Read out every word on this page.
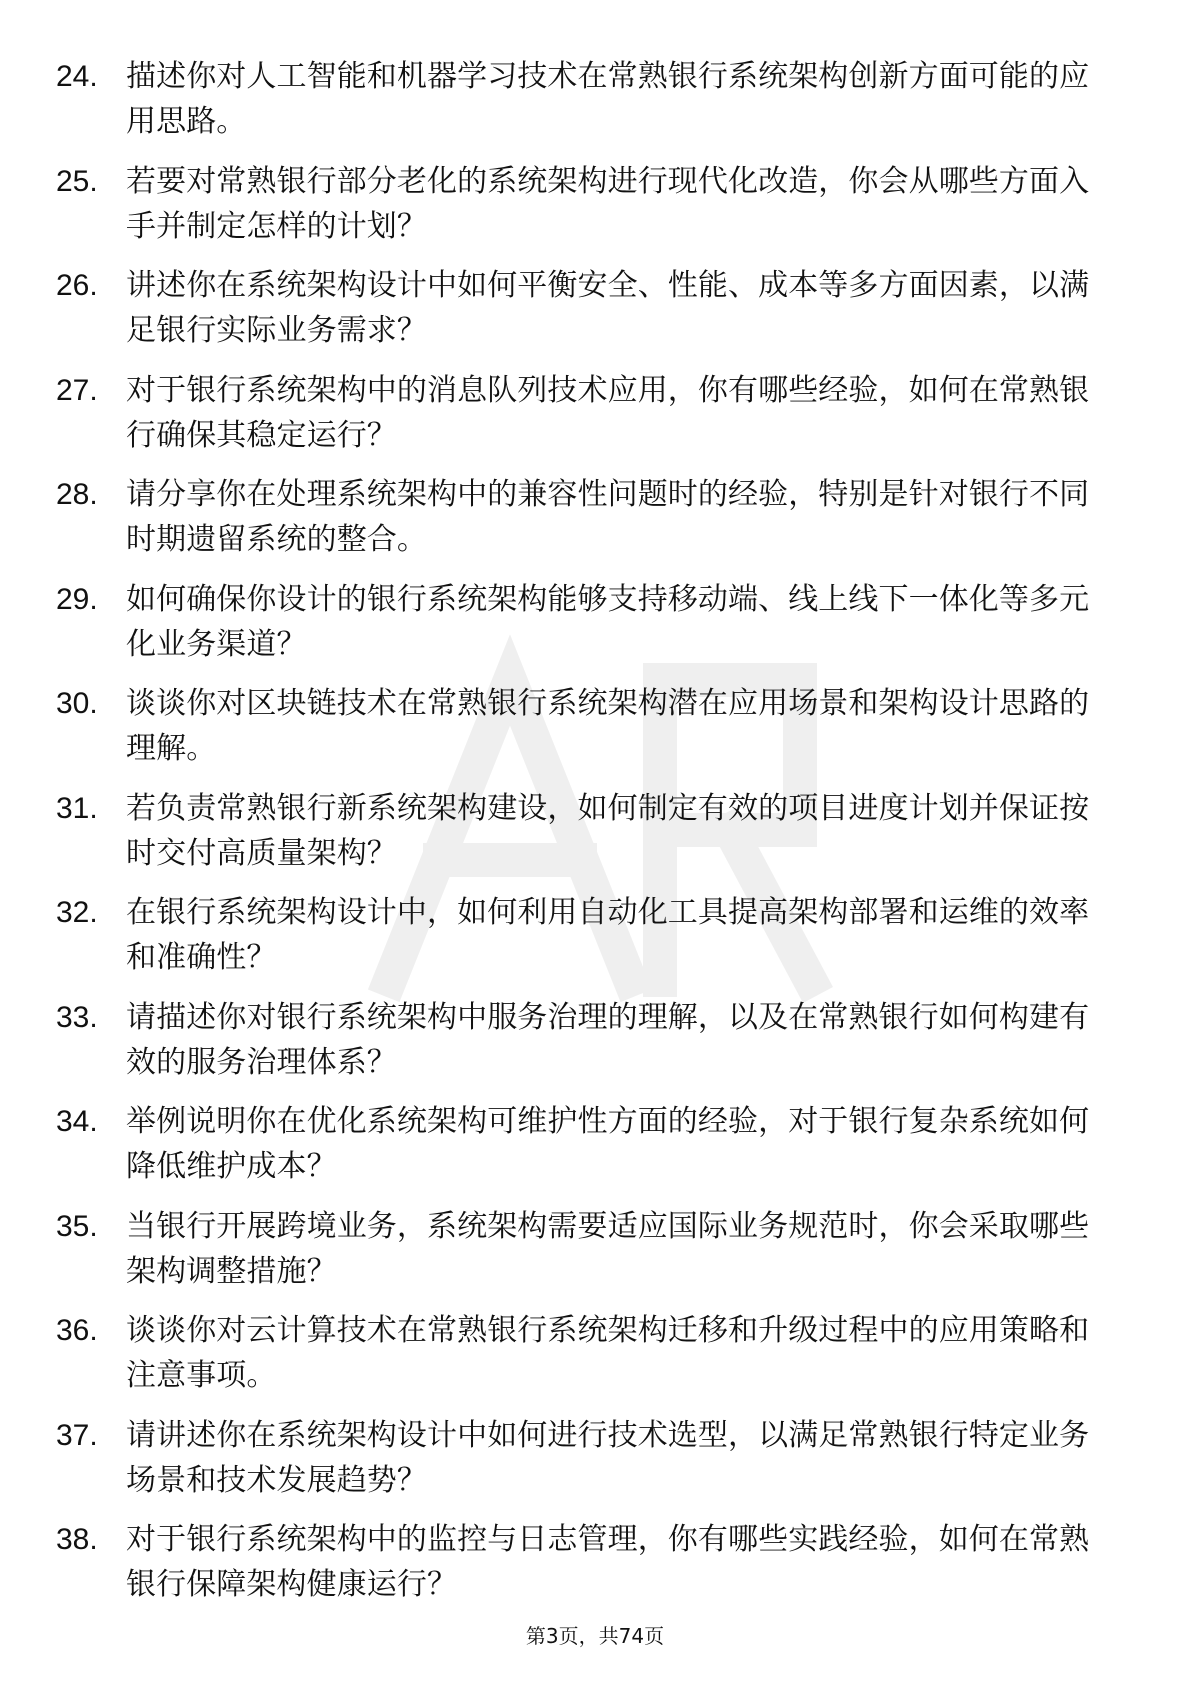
24. 描述你对人工智能和机器学习技术在常熟银行系统架构创新方面可能的应用思路。
25. 若要对常熟银行部分老化的系统架构进行现代化改造，你会从哪些方面入手并制定怎样的计划？
26. 讲述你在系统架构设计中如何平衡安全、性能、成本等多方面因素，以满足银行实际业务需求？
27. 对于银行系统架构中的消息队列技术应用，你有哪些经验，如何在常熟银行确保其稳定运行？
28. 请分享你在处理系统架构中的兼容性问题时的经验，特别是针对银行不同时期遗留系统的整合。
29. 如何确保你设计的银行系统架构能够支持移动端、线上线下一体化等多元化业务渠道？
30. 谈谈你对区块链技术在常熟银行系统架构潜在应用场景和架构设计思路的理解。
31. 若负责常熟银行新系统架构建设，如何制定有效的项目进度计划并保证按时交付高质量架构？
32. 在银行系统架构设计中，如何利用自动化工具提高架构部署和运维的效率和准确性？
33. 请描述你对银行系统架构中服务治理的理解，以及在常熟银行如何构建有效的服务治理体系？
34. 举例说明你在优化系统架构可维护性方面的经验，对于银行复杂系统如何降低维护成本？
35. 当银行开展跨境业务，系统架构需要适应国际业务规范时，你会采取哪些架构调整措施？
36. 谈谈你对云计算技术在常熟银行系统架构迁移和升级过程中的应用策略和注意事项。
37. 请讲述你在系统架构设计中如何进行技术选型，以满足常熟银行特定业务场景和技术发展趋势？
38. 对于银行系统架构中的监控与日志管理，你有哪些实践经验，如何在常熟银行保障架构健康运行？
第3页，共74页
